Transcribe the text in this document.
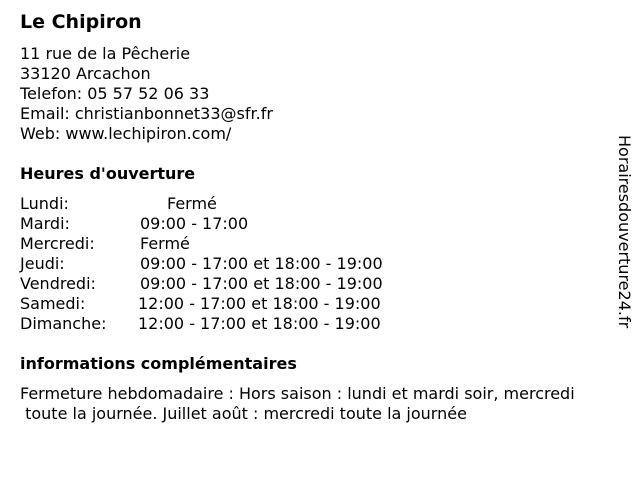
Le Chipiron
11 rue de la Pêcherie
33120 Arcachon
Telefon: 05 57 52 06 33
Email: christianbonnet33@sfr.fr
Web: www.lechipiron.com/
Heures d'ouverture
Lundi:	Fermé
Mardi:	09:00 - 17:00
Mercredi:	Fermé
Jeudi:	09:00 - 17:00 et 18:00 - 19:00
Vendredi:	09:00 - 17:00 et 18:00 - 19:00
Samedi:	12:00 - 17:00 et 18:00 - 19:00
Dimanche: 12:00 - 17:00 et 18:00 - 19:00
informations complémentaires
Fermeture hebdomadaire : Hors saison : lundi et mardi soir, mercredi
toute la journée. Juillet août : mercredi toute la journée
Horairesdouverture24.fr
